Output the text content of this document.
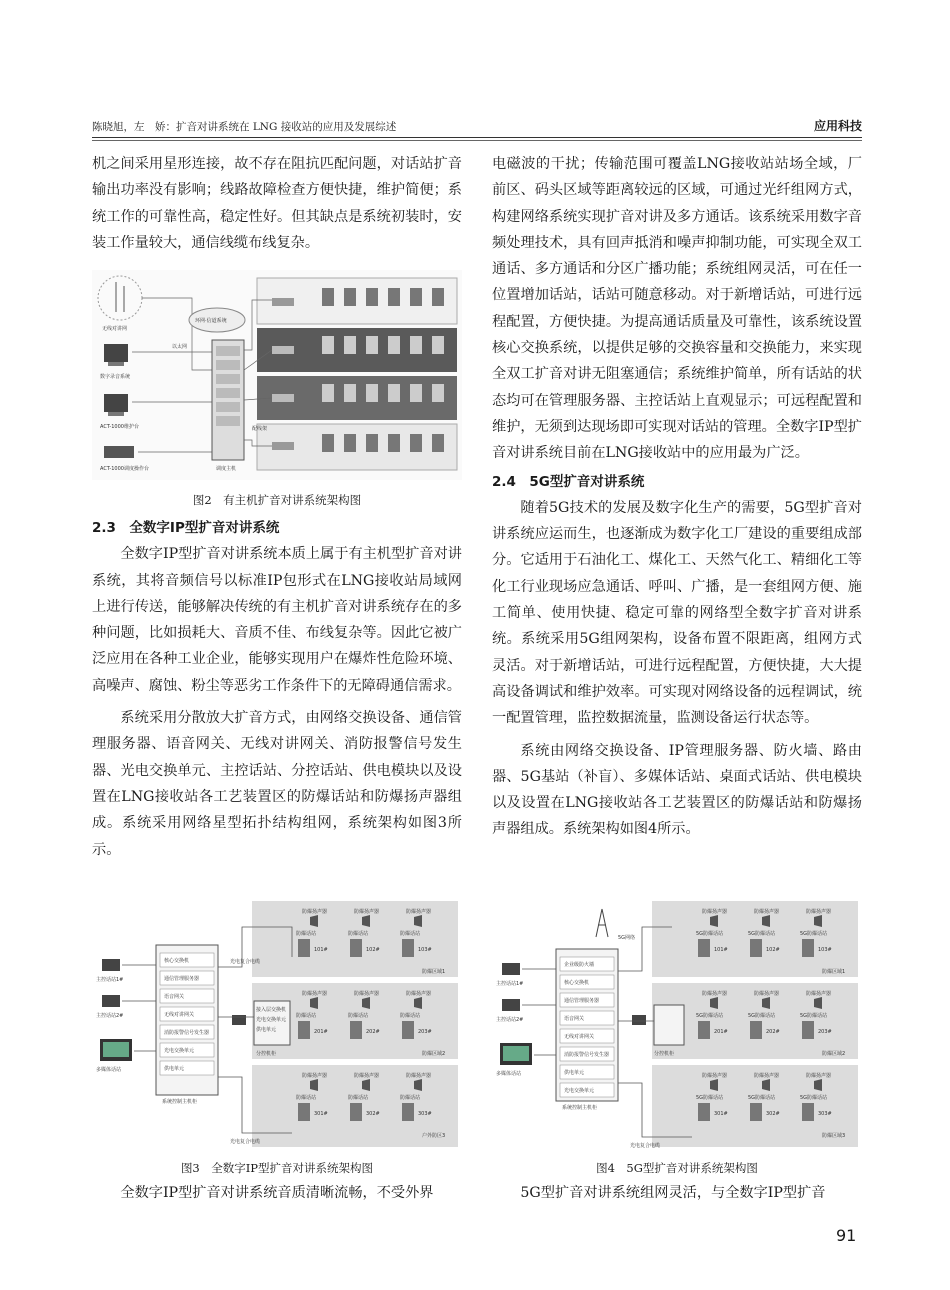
陈晓旭，左　娇：扩音对讲系统在 LNG 接收站的应用及发展综述	应用科技

机之间采用星形连接，故不存在阻抗匹配问题，对话站扩音输出功率没有影响；线路故障检查方便快捷，维护简便；系统工作的可靠性高，稳定性好。但其缺点是系统初装时，安装工作量较大，通信线缆布线复杂。

无线对讲网
数字录音系统
ACT-1000维护台
ACT-1000调度操作台
以太网
调度主机
环网·信道系统
配线架
图2　有主机扩音对讲系统架构图

2.3　全数字IP型扩音对讲系统

全数字IP型扩音对讲系统本质上属于有主机型扩音对讲系统，其将音频信号以标准IP包形式在LNG接收站局域网上进行传送，能够解决传统的有主机扩音对讲系统存在的多种问题，比如损耗大、音质不佳、布线复杂等。因此它被广泛应用在各种工业企业，能够实现用户在爆炸性危险环境、高噪声、腐蚀、粉尘等恶劣工作条件下的无障碍通信需求。

系统采用分散放大扩音方式，由网络交换设备、通信管理服务器、语音网关、无线对讲网关、消防报警信号发生器、光电交换单元、主控话站、分控话站、供电模块以及设置在LNG接收站各工艺装置区的防爆话站和防爆扬声器组成。系统采用网络星型拓扑结构组网，系统架构如图3所示。

核心交换机
通信管理服务器
语音网关
无线对讲网关
消防报警信号发生器
光电交换单元
供电单元
系统控制主机柜
主控话站1#
主控话站2#
多媒体话站
接入层交换机
光电交换单元
供电单元
分控机柜
光电复合电缆
光电复合电缆
防爆扬声器
防爆话站
101#
防爆扬声器
防爆话站
102#
防爆扬声器
防爆话站
103#
防爆区域1
防爆扬声器
防爆话站
201#
防爆扬声器
防爆话站
202#
防爆扬声器
防爆话站
203#
防爆区域2
防爆扬声器
防爆话站
301#
防爆扬声器
防爆话站
302#
防爆扬声器
防爆话站
303#
户外防区3
图3　全数字IP型扩音对讲系统架构图

全数字IP型扩音对讲系统音质清晰流畅，不受外界

电磁波的干扰；传输范围可覆盖LNG接收站站场全域，厂前区、码头区域等距离较远的区域，可通过光纤组网方式，构建网络系统实现扩音对讲及多方通话。该系统采用数字音频处理技术，具有回声抵消和噪声抑制功能，可实现全双工通话、多方通话和分区广播功能；系统组网灵活，可在任一位置增加话站，话站可随意移动。对于新增话站，可进行远程配置，方便快捷。为提高通话质量及可靠性，该系统设置核心交换系统，以提供足够的交换容量和交换能力，来实现全双工扩音对讲无阻塞通信；系统维护简单，所有话站的状态均可在管理服务器、主控话站上直观显示；可远程配置和维护，无须到达现场即可实现对话站的管理。全数字IP型扩音对讲系统目前在LNG接收站中的应用最为广泛。

2.4　5G型扩音对讲系统

随着5G技术的发展及数字化生产的需要，5G型扩音对讲系统应运而生，也逐渐成为数字化工厂建设的重要组成部分。它适用于石油化工、煤化工、天然气化工、精细化工等化工行业现场应急通话、呼叫、广播，是一套组网方便、施工简单、使用快捷、稳定可靠的网络型全数字扩音对讲系统。系统采用5G组网架构，设备布置不限距离，组网方式灵活。对于新增话站，可进行远程配置，方便快捷，大大提高设备调试和维护效率。可实现对网络设备的远程调试，统一配置管理，监控数据流量，监测设备运行状态等。

系统由网络交换设备、IP管理服务器、防火墙、路由器、5G基站（补盲）、多媒体话站、桌面式话站、供电模块以及设置在LNG接收站各工艺装置区的防爆话站和防爆扬声器组成。系统架构如图4所示。

5G网络
企业级防火墙
核心交换机
通信管理服务器
语音网关
无线对讲网关
消防报警信号发生器
供电单元
光电交换单元
系统控制主机柜
主控话站1#
主控话站2#
多媒体话站
分控机柜
光电复合电缆
防爆扬声器
5G防爆话站
101#
防爆扬声器
5G防爆话站
102#
防爆扬声器
5G防爆话站
103#
防爆区域1
防爆扬声器
5G防爆话站
201#
防爆扬声器
5G防爆话站
202#
防爆扬声器
5G防爆话站
203#
防爆区域2
防爆扬声器
5G防爆话站
301#
防爆扬声器
5G防爆话站
302#
防爆扬声器
5G防爆话站
303#
防爆区域3
图4　5G型扩音对讲系统架构图

5G型扩音对讲系统组网灵活，与全数字IP型扩音

91
